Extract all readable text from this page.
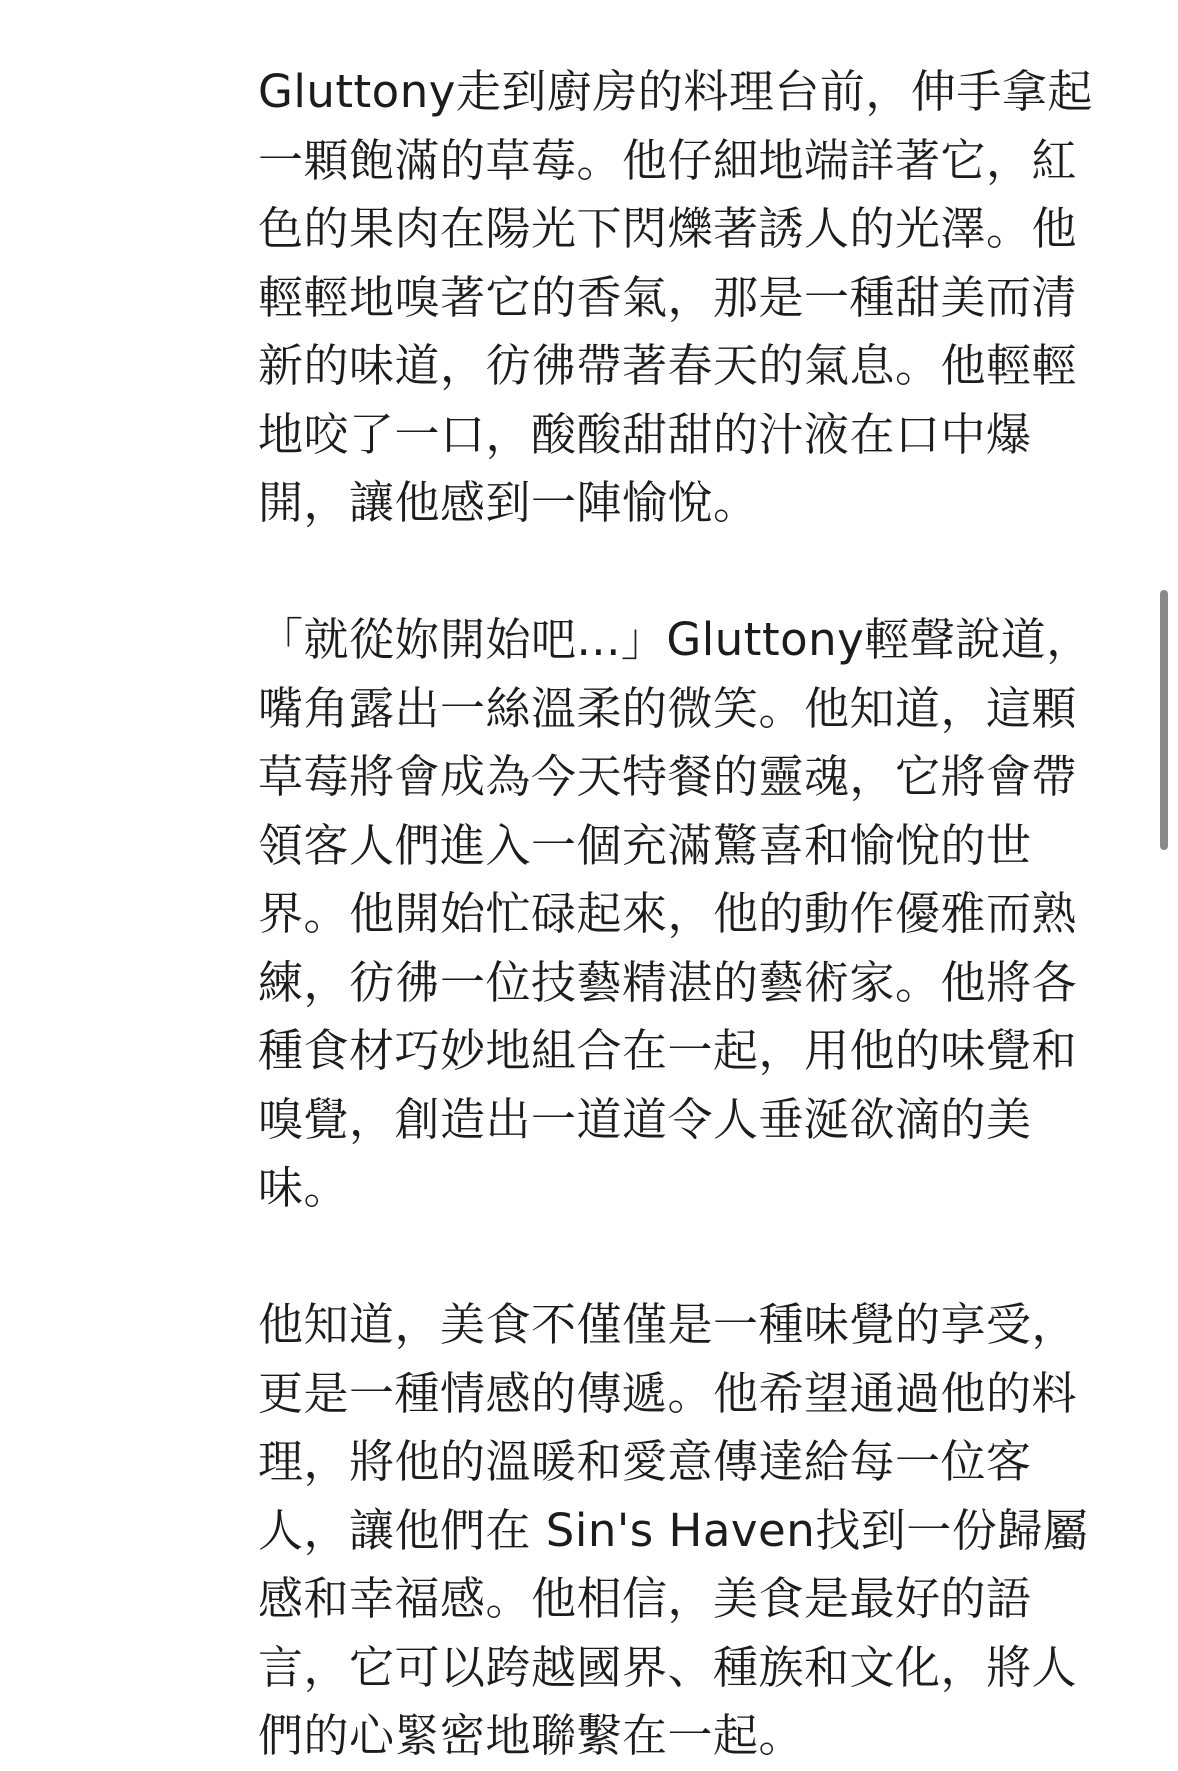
Gluttony走到廚房的料理台前，伸手拿起一顆飽滿的草莓。他仔細地端詳著它，紅色的果肉在陽光下閃爍著誘人的光澤。他輕輕地嗅著它的香氣，那是一種甜美而清新的味道，彷彿帶著春天的氣息。他輕輕地咬了一口，酸酸甜甜的汁液在口中爆開，讓他感到一陣愉悅。

「就從妳開始吧...」Gluttony輕聲說道，嘴角露出一絲溫柔的微笑。他知道，這顆草莓將會成為今天特餐的靈魂，它將會帶領客人們進入一個充滿驚喜和愉悅的世界。他開始忙碌起來，他的動作優雅而熟練，彷彿一位技藝精湛的藝術家。他將各種食材巧妙地組合在一起，用他的味覺和嗅覺，創造出一道道令人垂涎欲滴的美味。

他知道，美食不僅僅是一種味覺的享受，更是一種情感的傳遞。他希望通過他的料理，將他的溫暖和愛意傳達給每一位客人，讓他們在 Sin's Haven找到一份歸屬感和幸福感。他相信，美食是最好的語言，它可以跨越國界、種族和文化，將人們的心緊密地聯繫在一起。
